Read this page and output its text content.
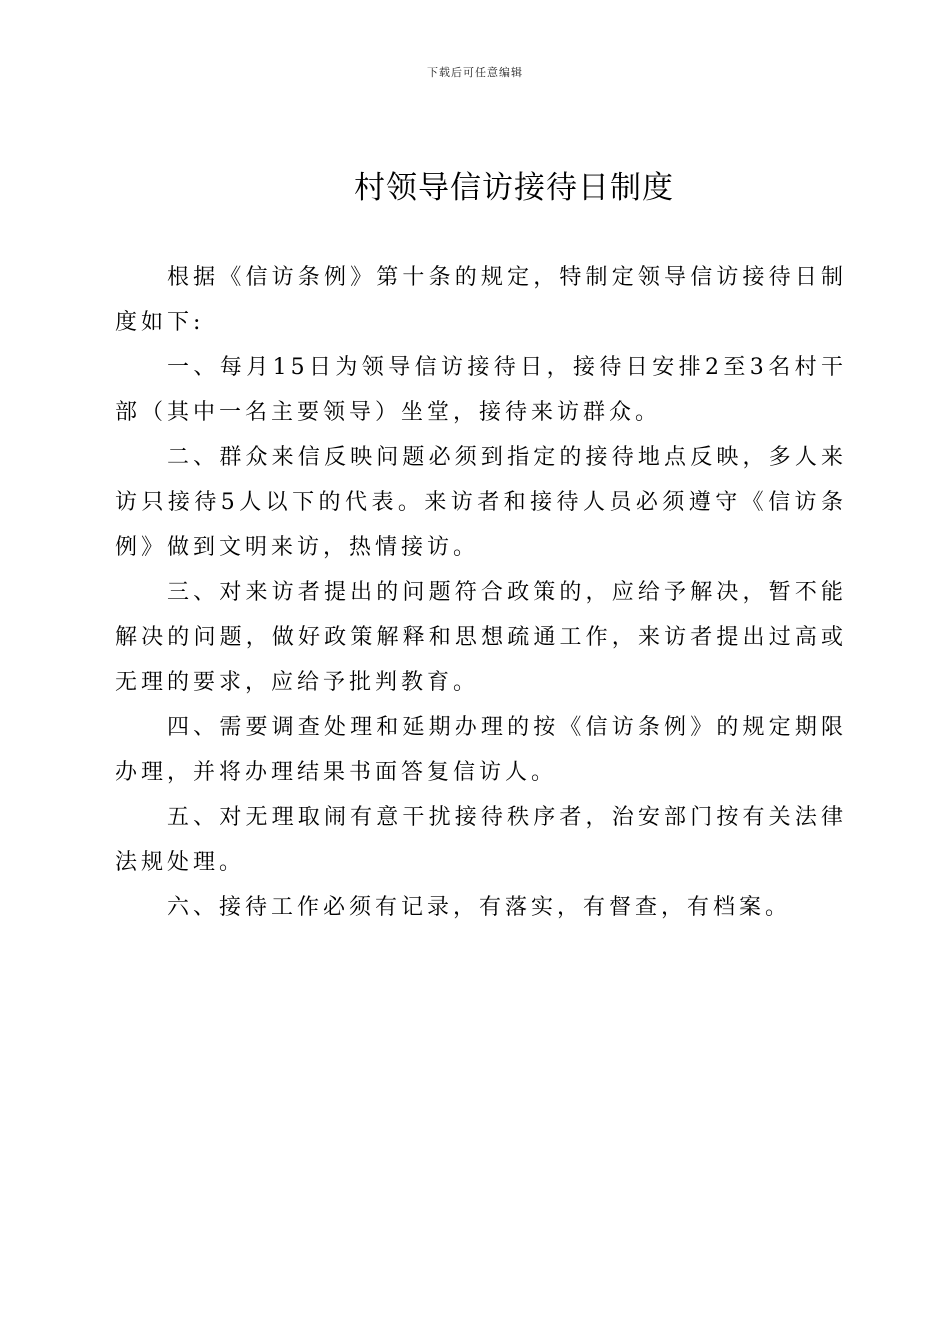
下载后可任意编辑
村领导信访接待日制度

根据《信访条例》第十条的规定，特制定领导信访接待日制度如下:

一、每月15日为领导信访接待日，接待日安排2至3名村干部（其中一名主要领导）坐堂，接待来访群众。

二、群众来信反映问题必须到指定的接待地点反映，多人来访只接待5人以下的代表。来访者和接待人员必须遵守《信访条例》做到文明来访，热情接访。

三、对来访者提出的问题符合政策的，应给予解决，暂不能解决的问题，做好政策解释和思想疏通工作，来访者提出过高或无理的要求，应给予批判教育。

四、需要调查处理和延期办理的按《信访条例》的规定期限办理，并将办理结果书面答复信访人。

五、对无理取闹有意干扰接待秩序者，治安部门按有关法律法规处理。

六、接待工作必须有记录，有落实，有督查，有档案。
